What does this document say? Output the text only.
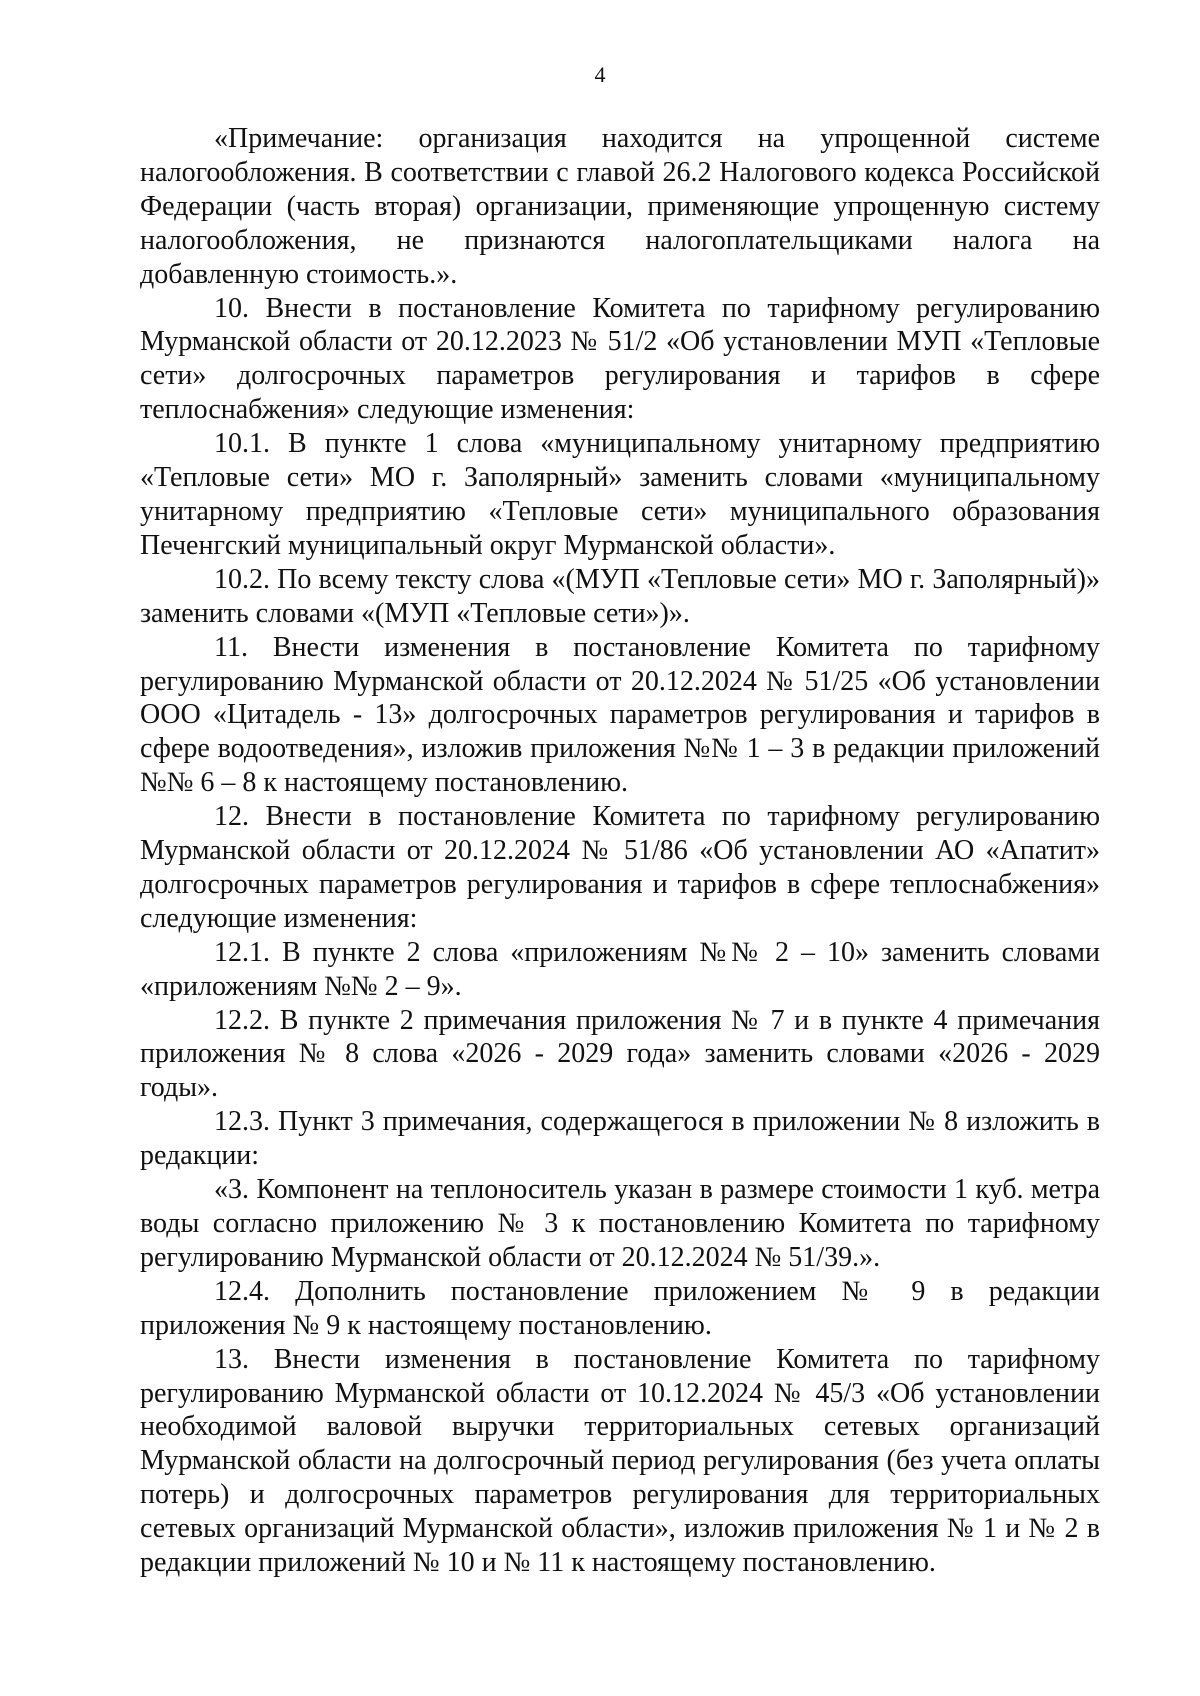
4

«Примечание: организация находится на упрощенной системе налогообложения. В соответствии с главой 26.2 Налогового кодекса Российской Федерации (часть вторая) организации, применяющие упрощенную систему налогообложения, не признаются налогоплательщиками налога на добавленную стоимость.».

10. Внести в постановление Комитета по тарифному регулированию Мурманской области от 20.12.2023 № 51/2 «Об установлении МУП «Тепловые сети» долгосрочных параметров регулирования и тарифов в сфере теплоснабжения» следующие изменения:

10.1. В пункте 1 слова «муниципальному унитарному предприятию «Тепловые сети» МО г. Заполярный» заменить словами «муниципальному унитарному предприятию «Тепловые сети» муниципального образования Печенгский муниципальный округ Мурманской области».

10.2. По всему тексту слова «(МУП «Тепловые сети» МО г. Заполярный)» заменить словами «(МУП «Тепловые сети»)».

11. Внести изменения в постановление Комитета по тарифному регулированию Мурманской области от 20.12.2024 № 51/25 «Об установлении ООО «Цитадель - 13» долгосрочных параметров регулирования и тарифов в сфере водоотведения», изложив приложения №№ 1 – 3 в редакции приложений №№ 6 – 8 к настоящему постановлению.

12. Внести в постановление Комитета по тарифному регулированию Мурманской области от 20.12.2024 № 51/86 «Об установлении АО «Апатит» долгосрочных параметров регулирования и тарифов в сфере теплоснабжения» следующие изменения:

12.1. В пункте 2 слова «приложениям №№ 2 – 10» заменить словами «приложениям №№ 2 – 9».

12.2. В пункте 2 примечания приложения № 7 и в пункте 4 примечания приложения № 8 слова «2026 - 2029 года» заменить словами «2026 - 2029 годы».

12.3. Пункт 3 примечания, содержащегося в приложении № 8 изложить в редакции:

«3. Компонент на теплоноситель указан в размере стоимости 1 куб. метра воды согласно приложению № 3 к постановлению Комитета по тарифному регулированию Мурманской области от 20.12.2024 № 51/39.».

12.4. Дополнить постановление приложением № 9 в редакции приложения № 9 к настоящему постановлению.

13. Внести изменения в постановление Комитета по тарифному регулированию Мурманской области от 10.12.2024 № 45/3 «Об установлении необходимой валовой выручки территориальных сетевых организаций Мурманской области на долгосрочный период регулирования (без учета оплаты потерь) и долгосрочных параметров регулирования для территориальных сетевых организаций Мурманской области», изложив приложения № 1 и № 2 в редакции приложений № 10 и № 11 к настоящему постановлению.
